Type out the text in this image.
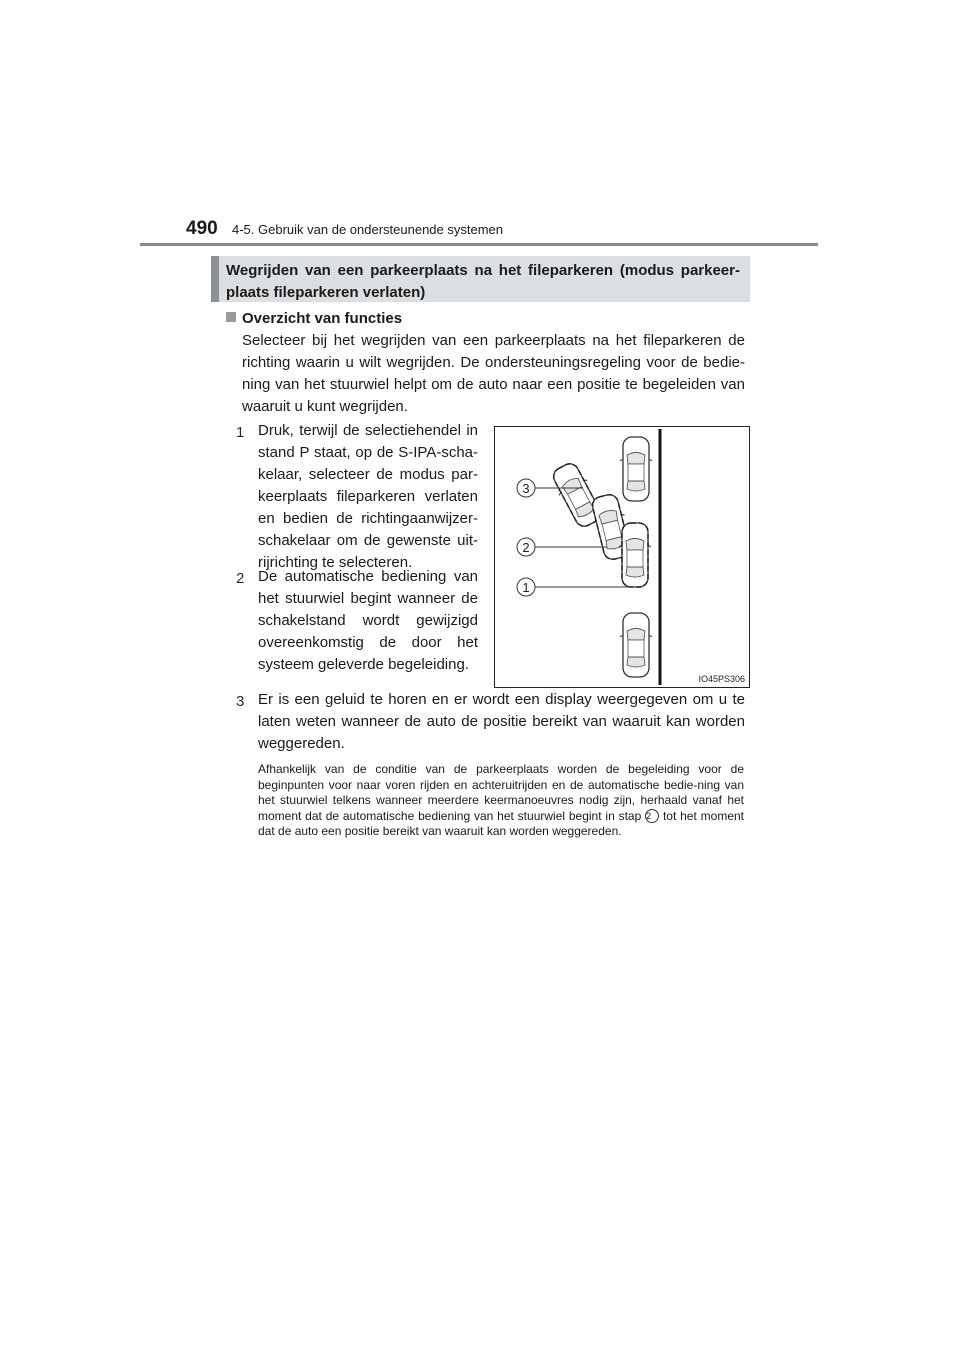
490 4-5. Gebruik van de ondersteunende systemen
Wegrijden van een parkeerplaats na het fileparkeren (modus parkeer-plaats fileparkeren verlaten)
Overzicht van functies

Selecteer bij het wegrijden van een parkeerplaats na het fileparkeren de richting waarin u wilt wegrijden. De ondersteuningsregeling voor de bedie-ning van het stuurwiel helpt om de auto naar een positie te begeleiden van waaruit u kunt wegrijden.

1 Druk, terwijl de selectiehendel in stand P staat, op de S-IPA-scha-kelaar, selecteer de modus par-keerplaats fileparkeren verlaten en bedien de richtingaanwijzer-schakelaar om de gewenste uit-rijrichting te selecteren.

2 De automatische bediening van het stuurwiel begint wanneer de schakelstand wordt gewijzigd overeenkomstig de door het systeem geleverde begeleiding.

3 Er is een geluid te horen en er wordt een display weergegeven om u te laten weten wanneer de auto de positie bereikt van waaruit kan worden weggereden.

3
2
1
IO45PS306

Afhankelijk van de conditie van de parkeerplaats worden de begeleiding voor de beginpunten voor naar voren rijden en achteruitrijden en de automatische bedie-ning van het stuurwiel telkens wanneer meerdere keermanoeuvres nodig zijn, herhaald vanaf het moment dat de automatische bediening van het stuurwiel begint in stap 2 tot het moment dat de auto een positie bereikt van waaruit kan worden weggereden.
